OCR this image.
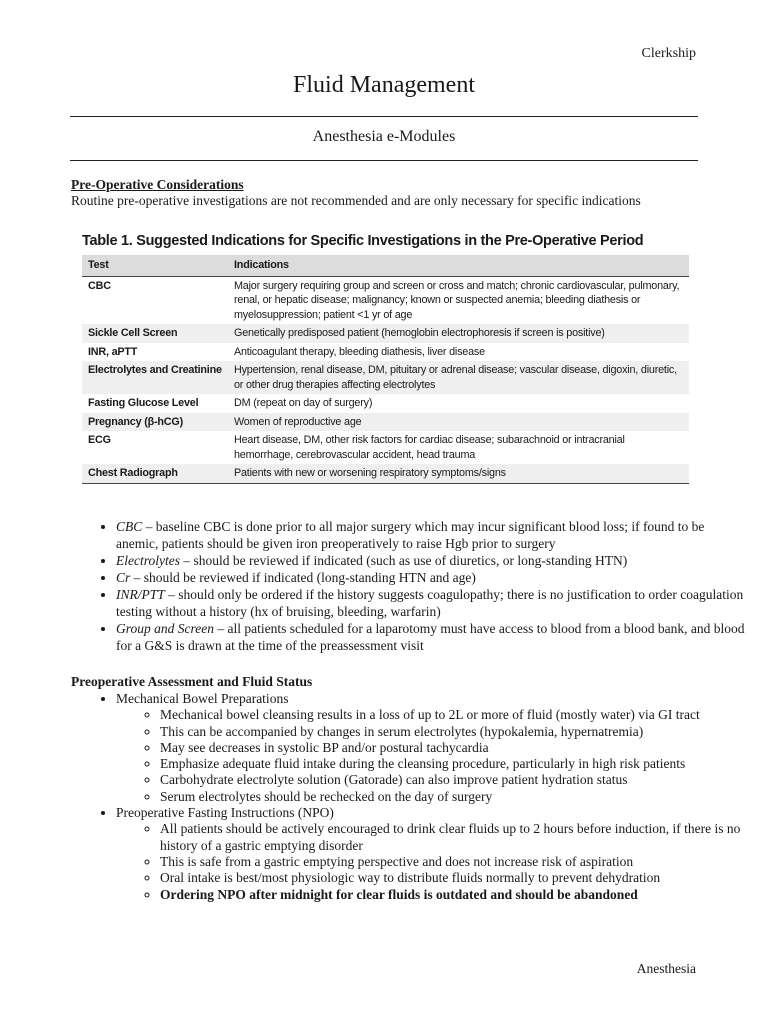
Clerkship
Fluid Management
Anesthesia e-Modules
Pre-Operative Considerations
Routine pre-operative investigations are not recommended and are only necessary for specific indications
Table 1. Suggested Indications for Specific Investigations in the Pre-Operative Period
Test	Indications
CBC	Major surgery requiring group and screen or cross and match; chronic cardiovascular, pulmonary, renal, or hepatic disease; malignancy; known or suspected anemia; bleeding diathesis or myelosuppression; patient <1 yr of age
Sickle Cell Screen	Genetically predisposed patient (hemoglobin electrophoresis if screen is positive)
INR, aPTT	Anticoagulant therapy, bleeding diathesis, liver disease
Electrolytes and Creatinine	Hypertension, renal disease, DM, pituitary or adrenal disease; vascular disease, digoxin, diuretic, or other drug therapies affecting electrolytes
Fasting Glucose Level	DM (repeat on day of surgery)
Pregnancy (β-hCG)	Women of reproductive age
ECG	Heart disease, DM, other risk factors for cardiac disease; subarachnoid or intracranial hemorrhage, cerebrovascular accident, head trauma
Chest Radiograph	Patients with new or worsening respiratory symptoms/signs
• CBC – baseline CBC is done prior to all major surgery which may incur significant blood loss; if found to be anemic, patients should be given iron preoperatively to raise Hgb prior to surgery
• Electrolytes – should be reviewed if indicated (such as use of diuretics, or long-standing HTN)
• Cr – should be reviewed if indicated (long-standing HTN and age)
• INR/PTT – should only be ordered if the history suggests coagulopathy; there is no justification to order coagulation testing without a history (hx of bruising, bleeding, warfarin)
• Group and Screen – all patients scheduled for a laparotomy must have access to blood from a blood bank, and blood for a G&S is drawn at the time of the preassessment visit
Preoperative Assessment and Fluid Status
• Mechanical Bowel Preparations
◦ Mechanical bowel cleansing results in a loss of up to 2L or more of fluid (mostly water) via GI tract
◦ This can be accompanied by changes in serum electrolytes (hypokalemia, hypernatremia)
◦ May see decreases in systolic BP and/or postural tachycardia
◦ Emphasize adequate fluid intake during the cleansing procedure, particularly in high risk patients
◦ Carbohydrate electrolyte solution (Gatorade) can also improve patient hydration status
◦ Serum electrolytes should be rechecked on the day of surgery
• Preoperative Fasting Instructions (NPO)
◦ All patients should be actively encouraged to drink clear fluids up to 2 hours before induction, if there is no history of a gastric emptying disorder
◦ This is safe from a gastric emptying perspective and does not increase risk of aspiration
◦ Oral intake is best/most physiologic way to distribute fluids normally to prevent dehydration
◦ Ordering NPO after midnight for clear fluids is outdated and should be abandoned
Anesthesia
